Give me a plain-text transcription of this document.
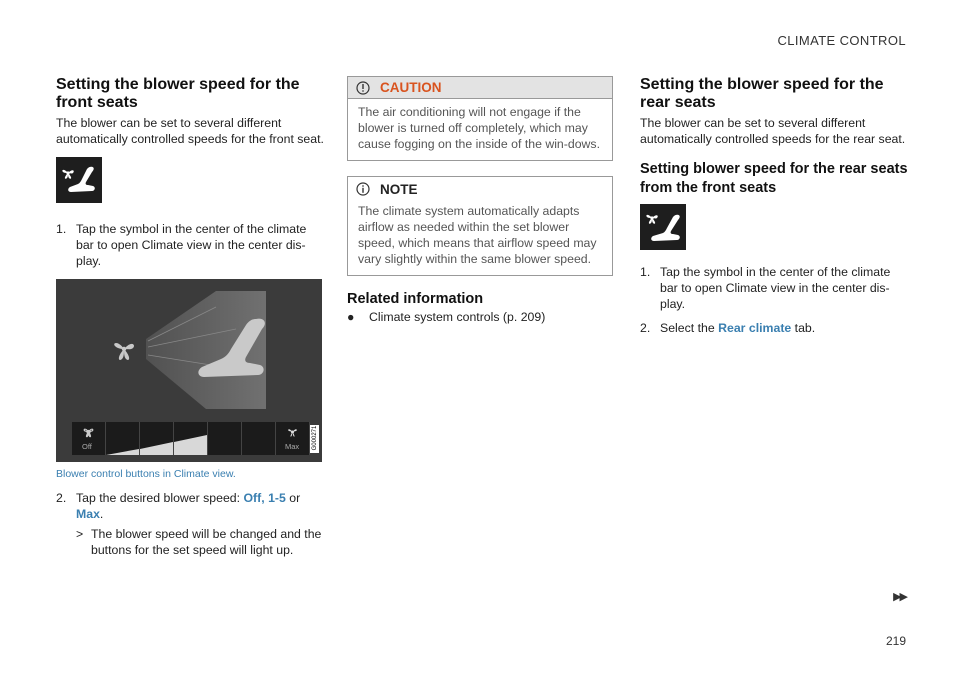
CLIMATE CONTROL
Setting the blower speed for the front seats

The blower can be set to several different automatically controlled speeds for the front seat.

1. Tap the symbol in the center of the climate bar to open Climate view in the center dis-play.
Off	Max G000271
Blower control buttons in Climate view.
2. Tap the desired blower speed: Off, 1-5 or Max.
> The blower speed will be changed and the buttons for the set speed will light up.
CAUTION
The air conditioning will not engage if the blower is turned off completely, which may cause fogging on the inside of the win-dows.
NOTE
The climate system automatically adapts airflow as needed within the set blower speed, which means that airflow speed may vary slightly within the same blower speed.
Related information
●	Climate system controls (p. 209)
Setting the blower speed for the rear seats

The blower can be set to several different automatically controlled speeds for the rear seat.

Setting blower speed for the rear seats from the front seats
1. Tap the symbol in the center of the climate bar to open Climate view in the center dis-play.
2. Select the Rear climate tab.
▶▶
219
